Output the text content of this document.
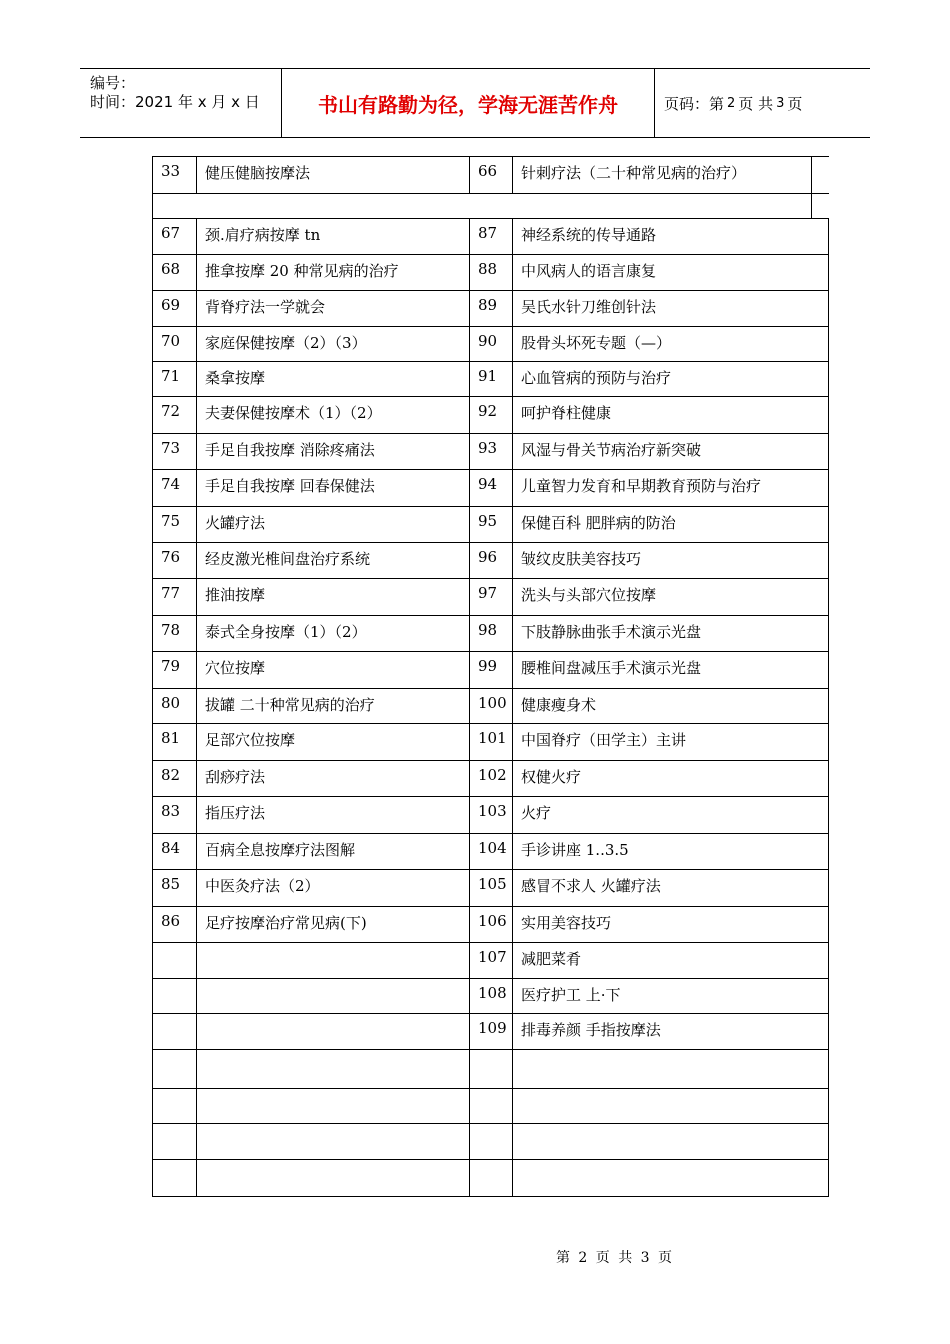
编号：
时间：2021 年 x 月 x 日	书山有路勤为径，学海无涯苦作舟	页码：第 2 页 共 3 页
33	健压健脑按摩法	66	针刺疗法（二十种常见病的治疗）

67	颈.肩疗病按摩 tn	87	神经系统的传导通路
68	推拿按摩 20 种常见病的治疗	88	中风病人的语言康复
69	背脊疗法一学就会	89	吴氏水针刀维创针法
70	家庭保健按摩（2）（3）	90	股骨头坏死专题（—）
71	桑拿按摩	91	心血管病的预防与治疗
72	夫妻保健按摩术（1）（2）	92	呵护脊柱健康
73	手足自我按摩 消除疼痛法	93	风湿与骨关节病治疗新突破
74	手足自我按摩 回春保健法	94	儿童智力发育和早期教育预防与治疗
75	火罐疗法	95	保健百科 肥胖病的防治
76	经皮激光椎间盘治疗系统	96	皱纹皮肤美容技巧
77	推油按摩	97	洗头与头部穴位按摩
78	泰式全身按摩（1）（2）	98	下肢静脉曲张手术演示光盘
79	穴位按摩	99	腰椎间盘减压手术演示光盘
80	拔罐 二十种常见病的治疗	100	健康瘦身术
81	足部穴位按摩	101	中国脊疗（田学主）主讲
82	刮痧疗法	102	权健火疗
83	指压疗法	103	火疗
84	百病全息按摩疗法图解	104	手诊讲座 1..3.5
85	中医灸疗法（2）	105	感冒不求人 火罐疗法
86	足疗按摩治疗常见病(下)	106	实用美容技巧
		107	减肥菜肴
		108	医疗护工 上·下
		109	排毒养颜 手指按摩法

第 2 页 共 3 页
